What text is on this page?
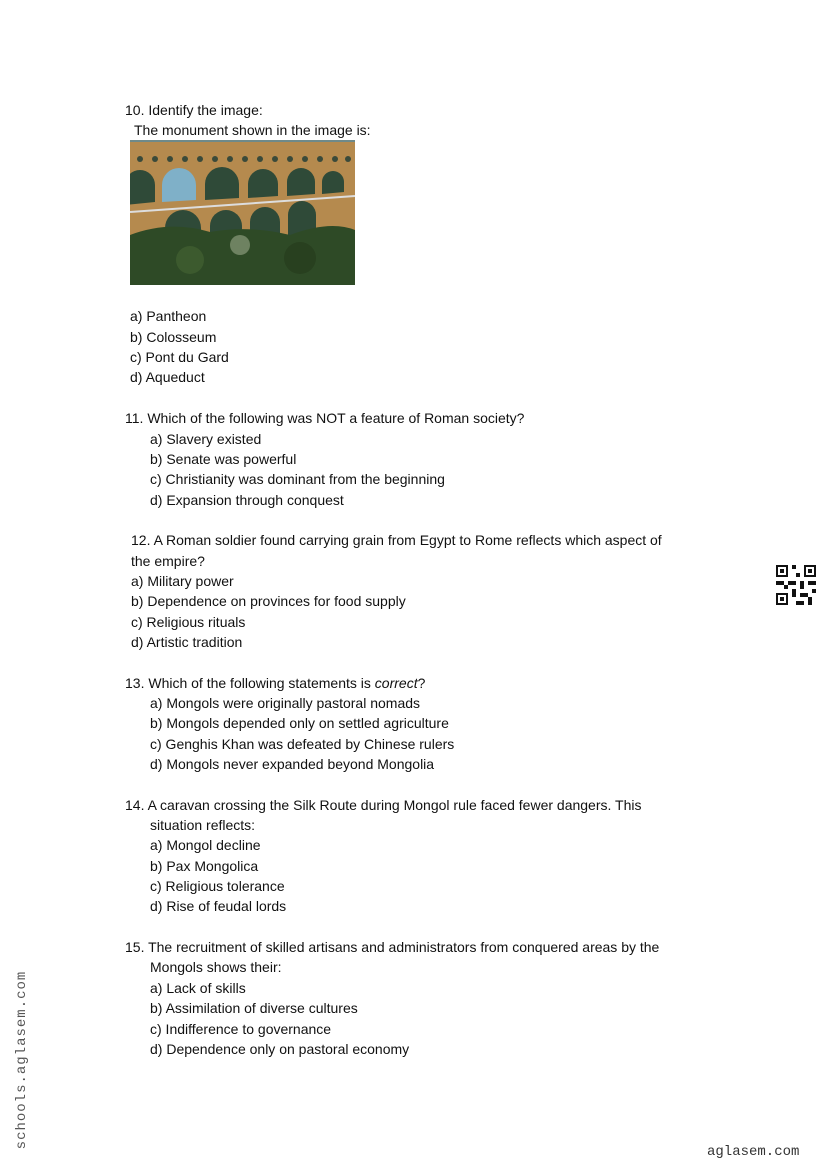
10. Identify the image:
The monument shown in the image is:
a) Pantheon
b) Colosseum
c) Pont du Gard
d) Aqueduct
11. Which of the following was NOT a feature of Roman society?
a) Slavery existed
b) Senate was powerful
c) Christianity was dominant from the beginning
d) Expansion through conquest
12. A Roman soldier found carrying grain from Egypt to Rome reflects which aspect of
the empire?
a) Military power
b) Dependence on provinces for food supply
c) Religious rituals
d) Artistic tradition
13. Which of the following statements is correct?
a) Mongols were originally pastoral nomads
b) Mongols depended only on settled agriculture
c) Genghis Khan was defeated by Chinese rulers
d) Mongols never expanded beyond Mongolia
14. A caravan crossing the Silk Route during Mongol rule faced fewer dangers. This
situation reflects:
a) Mongol decline
b) Pax Mongolica
c) Religious tolerance
d) Rise of feudal lords
15. The recruitment of skilled artisans and administrators from conquered areas by the
Mongols shows their:
a) Lack of skills
b) Assimilation of diverse cultures
c) Indifference to governance
d) Dependence only on pastoral economy
schools.aglasem.com
aglasem.com
